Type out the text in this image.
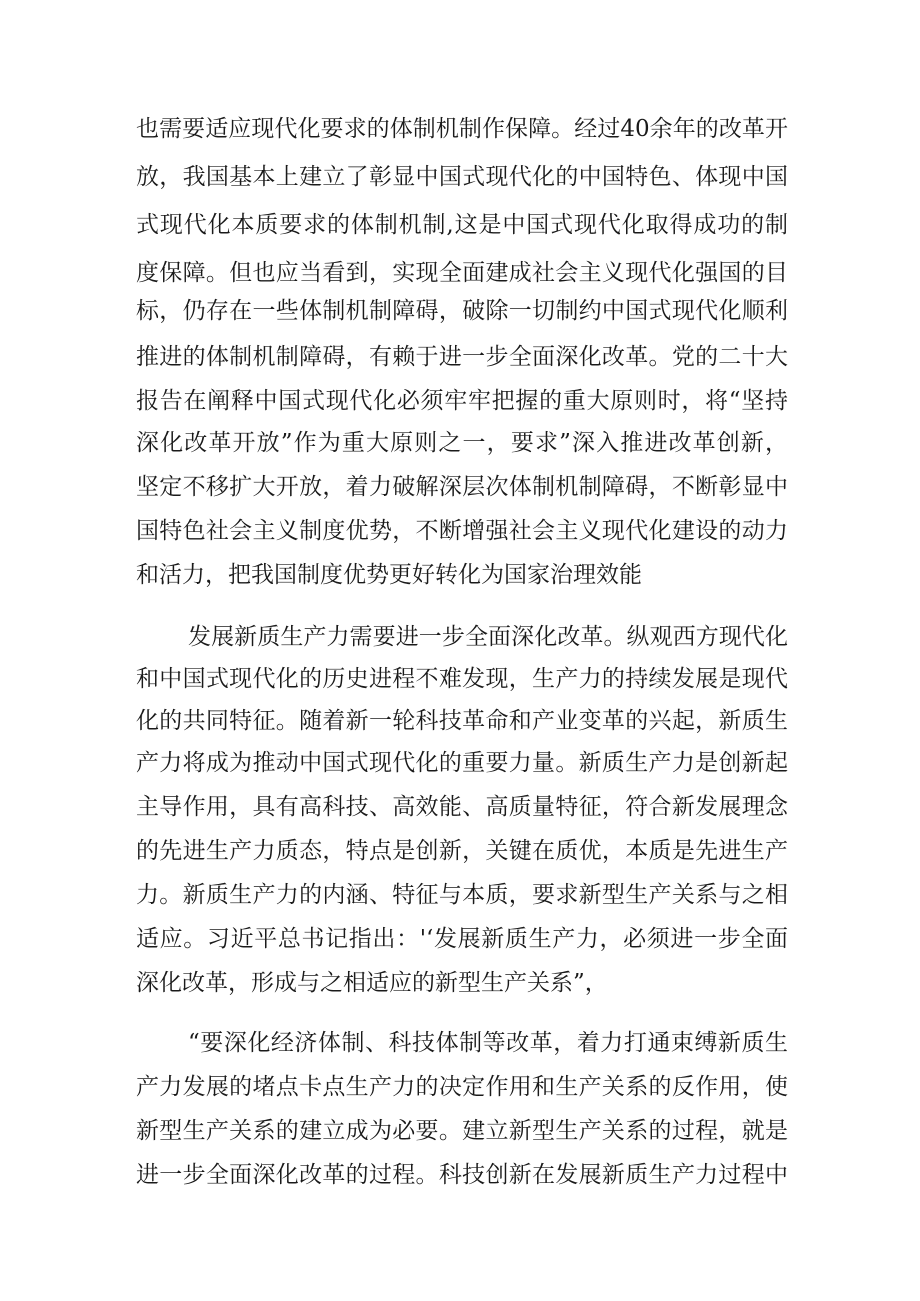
也需要适应现代化要求的体制机制作保障。经过40余年的改革开
放，我国基本上建立了彰显中国式现代化的中国特色、体现中国
式现代化本质要求的体制机制,这是中国式现代化取得成功的制
度保障。但也应当看到，实现全面建成社会主义现代化强国的目
标，仍存在一些体制机制障碍，破除一切制约中国式现代化顺利
推进的体制机制障碍，有赖于进一步全面深化改革。党的二十大
报告在阐释中国式现代化必须牢牢把握的重大原则时，将“坚持
深化改革开放”作为重大原则之一，要求”深入推进改革创新，
坚定不移扩大开放，着力破解深层次体制机制障碍，不断彰显中
国特色社会主义制度优势，不断增强社会主义现代化建设的动力
和活力，把我国制度优势更好转化为国家治理效能
发展新质生产力需要进一步全面深化改革。纵观西方现代化
和中国式现代化的历史进程不难发现，生产力的持续发展是现代
化的共同特征。随着新一轮科技革命和产业变革的兴起，新质生
产力将成为推动中国式现代化的重要力量。新质生产力是创新起
主导作用，具有高科技、高效能、高质量特征，符合新发展理念
的先进生产力质态，特点是创新，关键在质优，本质是先进生产
力。新质生产力的内涵、特征与本质，要求新型生产关系与之相
适应。习近平总书记指出：'‘发展新质生产力，必须进一步全面
深化改革，形成与之相适应的新型生产关系”，
“要深化经济体制、科技体制等改革，着力打通束缚新质生
产力发展的堵点卡点生产力的决定作用和生产关系的反作用，使
新型生产关系的建立成为必要。建立新型生产关系的过程，就是
进一步全面深化改革的过程。科技创新在发展新质生产力过程中
